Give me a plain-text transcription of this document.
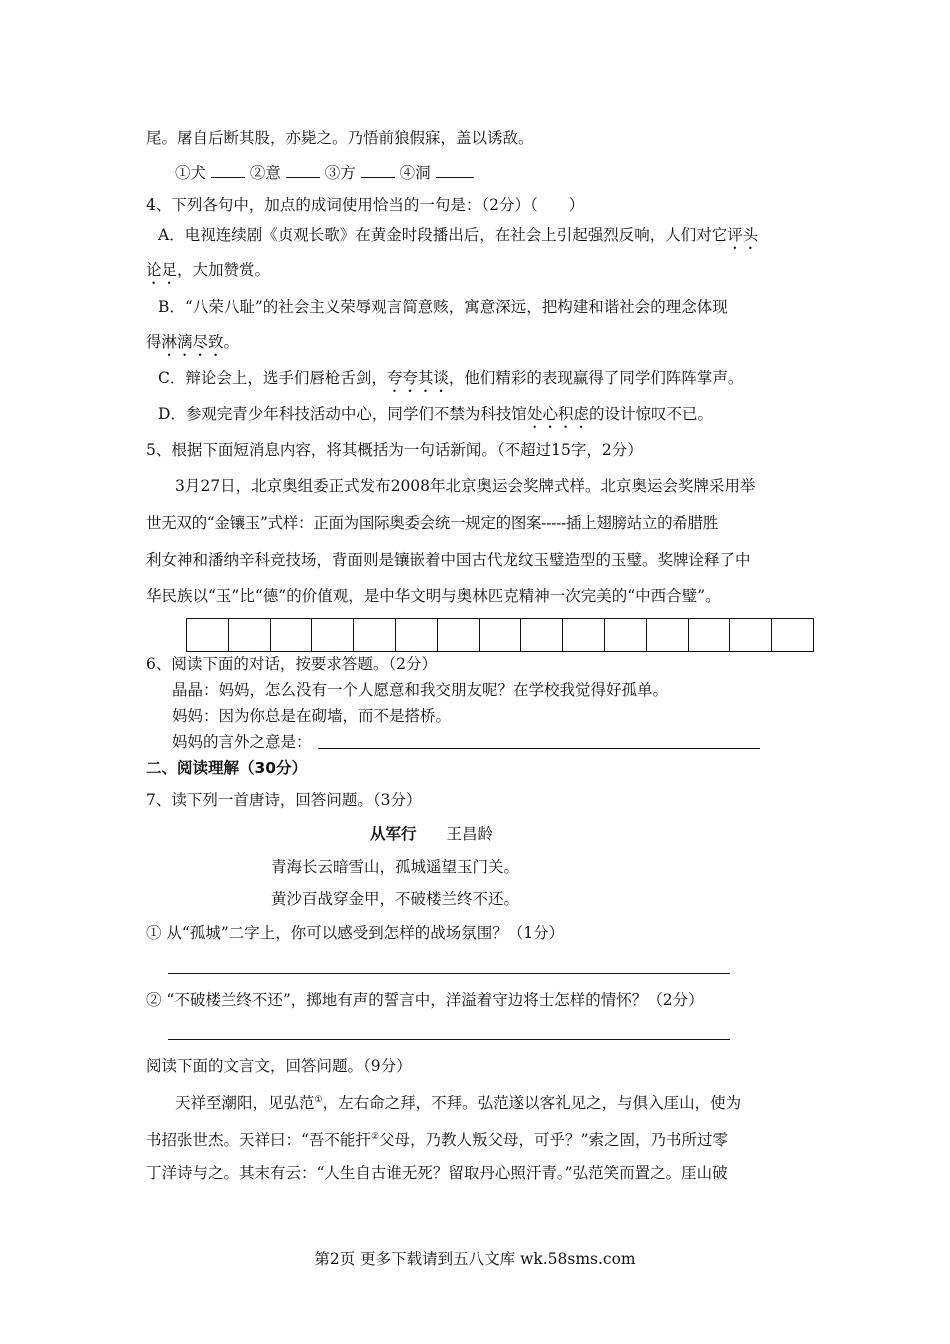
尾。屠自后断其股，亦毙之。乃悟前狼假寐，盖以诱敌。
①犬	②意	③方	④洞
4、下列各句中，加点的成词使用恰当的一句是：（2分）（　　）
A．电视连续剧《贞观长歌》在黄金时段播出后，在社会上引起强烈反响，人们对它评头
论足，大加赞赏。
B．“八荣八耻”的社会主义荣辱观言简意赅，寓意深远，把构建和谐社会的理念体现
得淋漓尽致。
C．辩论会上，选手们唇枪舌剑，夸夸其谈，他们精彩的表现赢得了同学们阵阵掌声。
D．参观完青少年科技活动中心，同学们不禁为科技馆处心积虑的设计惊叹不已。
5、根据下面短消息内容，将其概括为一句话新闻。（不超过15字，2分）
3月27日，北京奥组委正式发布2008年北京奥运会奖牌式样。北京奥运会奖牌采用举
世无双的“金镶玉”式样：正面为国际奥委会统一规定的图案-----插上翅膀站立的希腊胜
利女神和潘纳辛科竞技场，背面则是镶嵌着中国古代龙纹玉璧造型的玉璧。奖牌诠释了中
华民族以“玉”比“德”的价值观，是中华文明与奥林匹克精神一次完美的“中西合璧”。
6、阅读下面的对话，按要求答题。（2分）
晶晶：妈妈，怎么没有一个人愿意和我交朋友呢？在学校我觉得好孤单。
妈妈：因为你总是在砌墙，而不是搭桥。
妈妈的言外之意是：
二、阅读理解（30分）
7、读下列一首唐诗，回答问题。（3分）
从军行 王昌龄
青海长云暗雪山，孤城遥望玉门关。
黄沙百战穿金甲，不破楼兰终不还。
① 从“孤城”二字上，你可以感受到怎样的战场氛围？（1分）
② “不破楼兰终不还”，掷地有声的誓言中，洋溢着守边将士怎样的情怀？（2分）
阅读下面的文言文，回答问题。（9分）
天祥至潮阳，见弘范①，左右命之拜，不拜。弘范遂以客礼见之，与俱入厓山，使为
书招张世杰。天祥曰：“吾不能扞②父母，乃教人叛父母，可乎？”索之固，乃书所过零
丁洋诗与之。其末有云：“人生自古谁无死？留取丹心照汗青。”弘范笑而置之。厓山破
第2页 更多下载请到五八文库 wk.58sms.com
